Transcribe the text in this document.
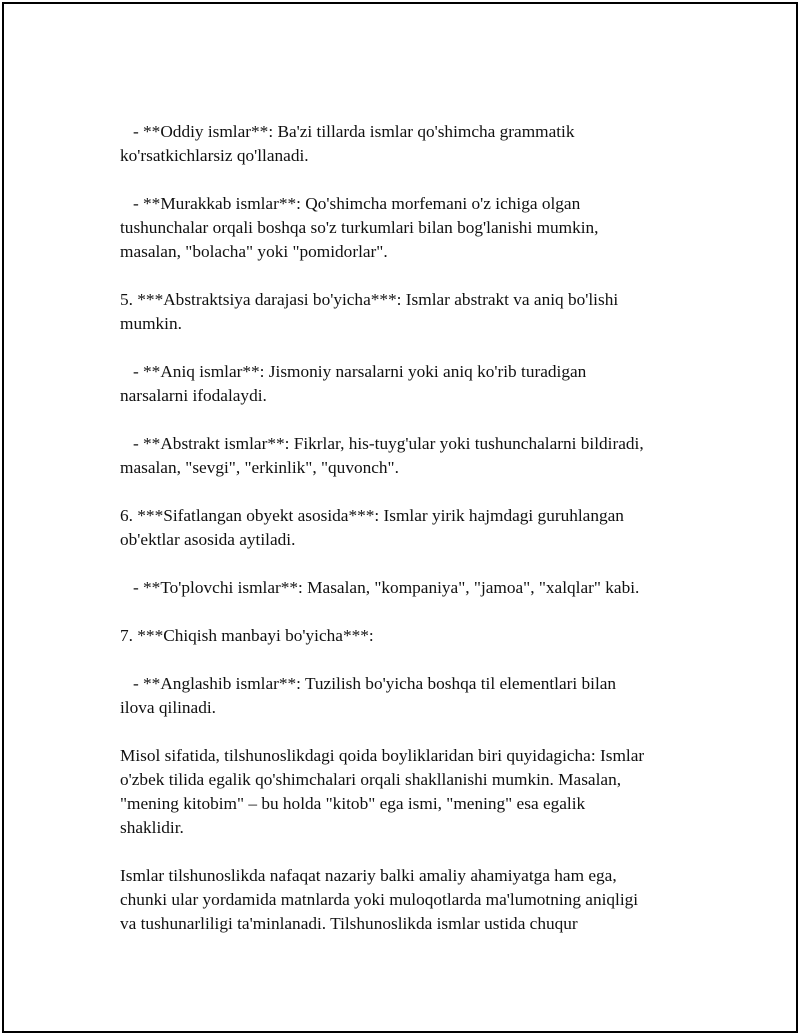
- **Oddiy ismlar**: Ba'zi tillarda ismlar qo'shimcha grammatik
ko'rsatkichlarsiz qo'llanadi.

- **Murakkab ismlar**: Qo'shimcha morfemani o'z ichiga olgan
tushunchalar orqali boshqa so'z turkumlari bilan bog'lanishi mumkin,
masalan, "bolacha" yoki "pomidorlar".

5. ***Abstraktsiya darajasi bo'yicha***: Ismlar abstrakt va aniq bo'lishi
mumkin.

- **Aniq ismlar**: Jismoniy narsalarni yoki aniq ko'rib turadigan
narsalarni ifodalaydi.

- **Abstrakt ismlar**: Fikrlar, his-tuyg'ular yoki tushunchalarni bildiradi,
masalan, "sevgi", "erkinlik", "quvonch".

6. ***Sifatlangan obyekt asosida***: Ismlar yirik hajmdagi guruhlangan
ob'ektlar asosida aytiladi.

- **To'plovchi ismlar**: Masalan, "kompaniya", "jamoa", "xalqlar" kabi.

7. ***Chiqish manbayi bo'yicha***:

- **Anglashib ismlar**: Tuzilish bo'yicha boshqa til elementlari bilan
ilova qilinadi.

Misol sifatida, tilshunoslikdagi qoida boyliklaridan biri quyidagicha: Ismlar
o'zbek tilida egalik qo'shimchalari orqali shakllanishi mumkin. Masalan,
"mening kitobim" – bu holda "kitob" ega ismi, "mening" esa egalik
shaklidir.

Ismlar tilshunoslikda nafaqat nazariy balki amaliy ahamiyatga ham ega,
chunki ular yordamida matnlarda yoki muloqotlarda ma'lumotning aniqligi
va tushunarliligi ta'minlanadi. Tilshunoslikda ismlar ustida chuqur
